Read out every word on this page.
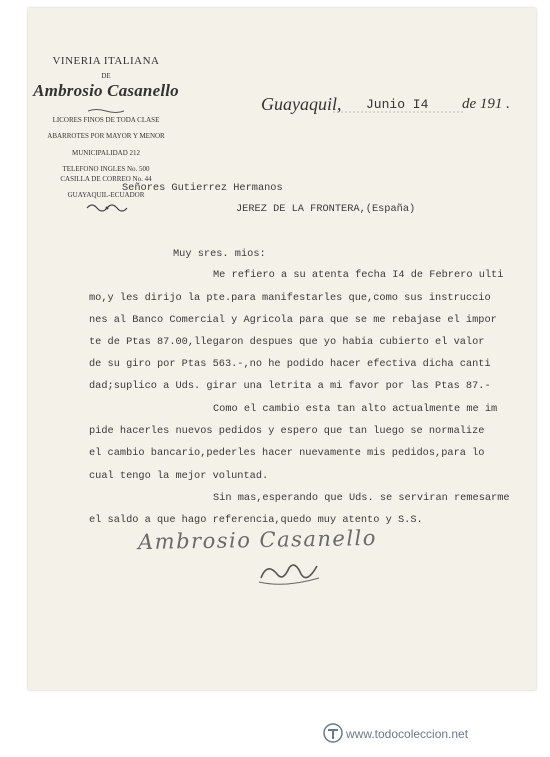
VINERIA ITALIANA
DE
Ambrosio Casanello
LICORES FINOS DE TODA CLASE
ABARROTES POR MAYOR Y MENOR
MUNICIPALIDAD 212
TELEFONO INGLES No. 500
CASILLA DE CORREO No. 44
GUAYAQUIL-ECUADOR
Guayaquil, Junio I4 de 191 .
Señores Gutierrez Hermanos
JEREZ DE LA FRONTERA,(España)
Muy sres. mios:
Me refiero a su atenta fecha I4 de Febrero ulti
mo,y les dirijo la pte.para manifestarles que,como sus instruccio
nes al Banco Comercial y Agricola para que se me rebajase el impor
te de Ptas 87.00,llegaron despues que yo habia cubierto el valor
de su giro por Ptas 563.-,no he podido hacer efectiva dicha canti
dad;suplico a Uds. girar una letrita a mi favor por las Ptas 87.-
Como el cambio esta tan alto actualmente me im
pide hacerles nuevos pedidos y espero que tan luego se normalize
el cambio bancario,pederles hacer nuevamente mis pedidos,para lo
cual tengo la mejor voluntad.
Sin mas,esperando que Uds. se serviran remesarme
el saldo a que hago referencia,quedo muy atento y S.S.
Ambrosio Casanello
www.todocoleccion.net
